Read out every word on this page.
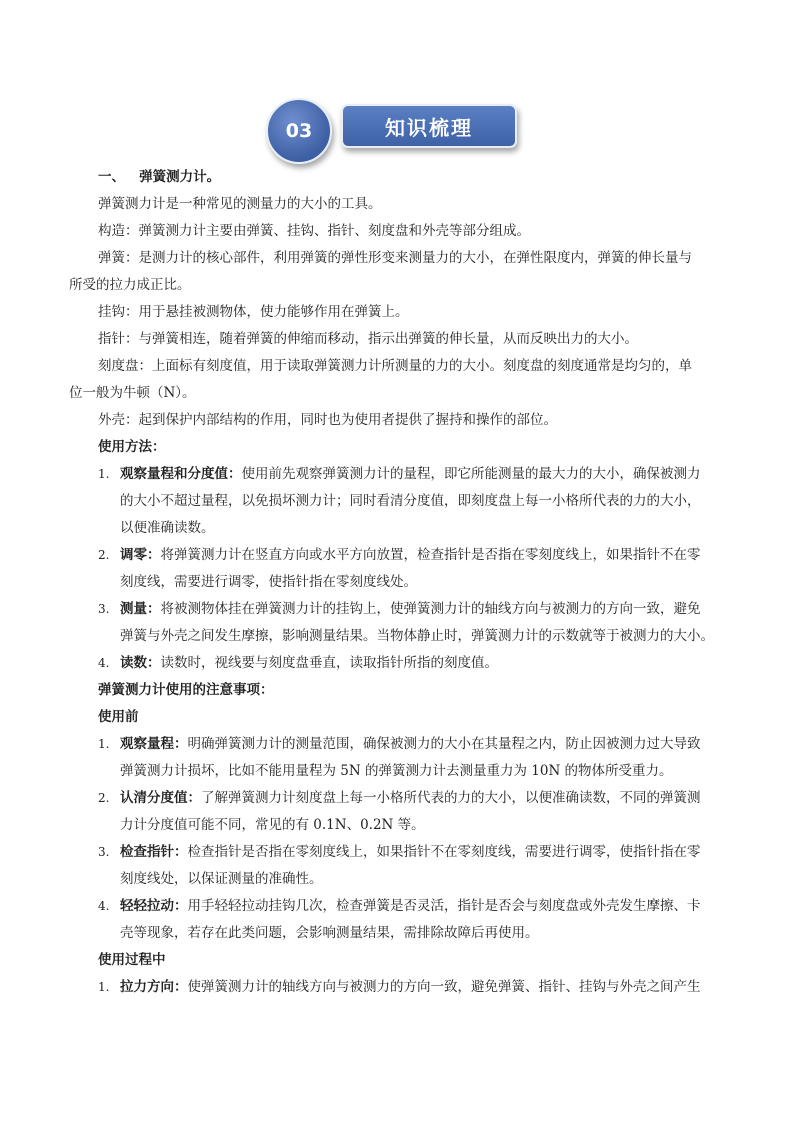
03	知识梳理

一、 弹簧测力计。

弹簧测力计是一种常见的测量力的大小的工具。

构造：弹簧测力计主要由弹簧、挂钩、指针、刻度盘和外壳等部分组成。

弹簧：是测力计的核心部件，利用弹簧的弹性形变来测量力的大小，在弹性限度内，弹簧的伸长量与

所受的拉力成正比。

挂钩：用于悬挂被测物体，使力能够作用在弹簧上。

指针：与弹簧相连，随着弹簧的伸缩而移动，指示出弹簧的伸长量，从而反映出力的大小。

刻度盘：上面标有刻度值，用于读取弹簧测力计所测量的力的大小。刻度盘的刻度通常是均匀的，单

位一般为牛顿（N）。

外壳：起到保护内部结构的作用，同时也为使用者提供了握持和操作的部位。

使用方法：

1. 观察量程和分度值：使用前先观察弹簧测力计的量程，即它所能测量的最大力的大小，确保被测力
的大小不超过量程，以免损坏测力计；同时看清分度值，即刻度盘上每一小格所代表的力的大小，
以便准确读数。
2. 调零：将弹簧测力计在竖直方向或水平方向放置，检查指针是否指在零刻度线上，如果指针不在零
刻度线，需要进行调零，使指针指在零刻度线处。
3. 测量：将被测物体挂在弹簧测力计的挂钩上，使弹簧测力计的轴线方向与被测力的方向一致，避免
弹簧与外壳之间发生摩擦，影响测量结果。当物体静止时，弹簧测力计的示数就等于被测力的大小。
4. 读数：读数时，视线要与刻度盘垂直，读取指针所指的刻度值。

弹簧测力计使用的注意事项：

使用前

1. 观察量程：明确弹簧测力计的测量范围，确保被测力的大小在其量程之内，防止因被测力过大导致
弹簧测力计损坏，比如不能用量程为 5N 的弹簧测力计去测量重力为 10N 的物体所受重力。
2. 认清分度值：了解弹簧测力计刻度盘上每一小格所代表的力的大小，以便准确读数，不同的弹簧测
力计分度值可能不同，常见的有 0.1N、0.2N 等。
3. 检查指针：检查指针是否指在零刻度线上，如果指针不在零刻度线，需要进行调零，使指针指在零
刻度线处，以保证测量的准确性。
4. 轻轻拉动：用手轻轻拉动挂钩几次，检查弹簧是否灵活，指针是否会与刻度盘或外壳发生摩擦、卡
壳等现象，若存在此类问题，会影响测量结果，需排除故障后再使用。

使用过程中

1. 拉力方向：使弹簧测力计的轴线方向与被测力的方向一致，避免弹簧、指针、挂钩与外壳之间产生
